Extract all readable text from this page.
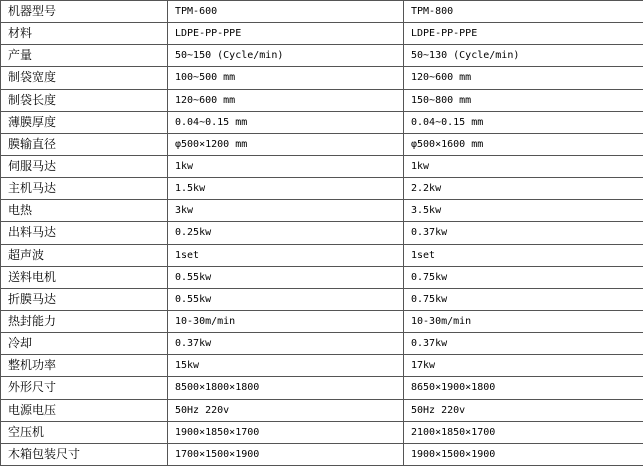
机器型号	TPM-600	TPM-800
材料	LDPE-PP-PPE	LDPE-PP-PPE
产量	50~150 (Cycle/min)	50~130 (Cycle/min)
制袋宽度	100~500 mm	120~600 mm
制袋长度	120~600 mm	150~800 mm
薄膜厚度	0.04~0.15 mm	0.04~0.15 mm
膜输直径	φ500×1200 mm	φ500×1600 mm
伺服马达	1kw	1kw
主机马达	1.5kw	2.2kw
电热	3kw	3.5kw
出料马达	0.25kw	0.37kw
超声波	1set	1set
送料电机	0.55kw	0.75kw
折膜马达	0.55kw	0.75kw
热封能力	10-30m/min	10-30m/min
冷却	0.37kw	0.37kw
整机功率	15kw	17kw
外形尺寸	8500×1800×1800	8650×1900×1800
电源电压	50Hz 220v	50Hz 220v
空压机	1900×1850×1700	2100×1850×1700
木箱包装尺寸	1700×1500×1900	1900×1500×1900
